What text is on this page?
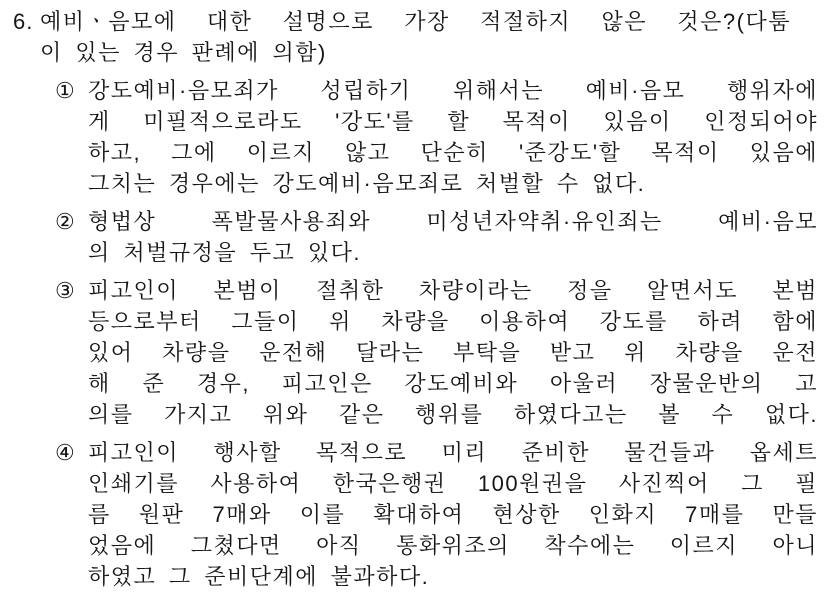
6. 예비ㆍ음모에 대한 설명으로 가장 적절하지 않은 것은?(다툼
이 있는 경우 판례에 의함)
① 강도예비·음모죄가 성립하기 위해서는 예비·음모 행위자에
게 미필적으로라도 '강도'를 할 목적이 있음이 인정되어야
하고, 그에 이르지 않고 단순히 '준강도'할 목적이 있음에
그치는 경우에는 강도예비·음모죄로 처벌할 수 없다.
② 형법상 폭발물사용죄와 미성년자약취·유인죄는 예비·음모
의 처벌규정을 두고 있다.
③ 피고인이 본범이 절취한 차량이라는 정을 알면서도 본범
등으로부터 그들이 위 차량을 이용하여 강도를 하려 함에
있어 차량을 운전해 달라는 부탁을 받고 위 차량을 운전
해 준 경우, 피고인은 강도예비와 아울러 장물운반의 고
의를 가지고 위와 같은 행위를 하였다고는 볼 수 없다.
④ 피고인이 행사할 목적으로 미리 준비한 물건들과 옵세트
인쇄기를 사용하여 한국은행권 100원권을 사진찍어 그 필
름 원판 7매와 이를 확대하여 현상한 인화지 7매를 만들
었음에 그쳤다면 아직 통화위조의 착수에는 이르지 아니
하였고 그 준비단계에 불과하다.
